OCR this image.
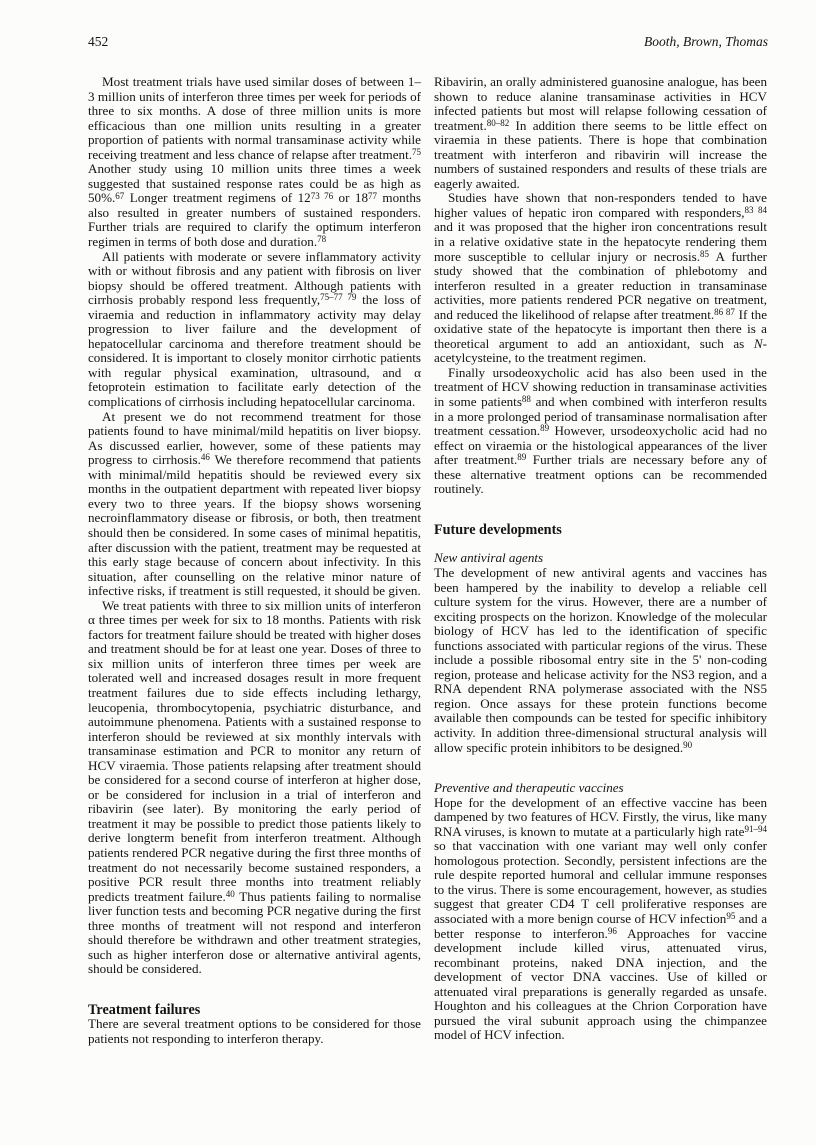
452	Booth, Brown, Thomas

Most treatment trials have used similar doses of between 1–3 million units of interferon three times per week for periods of three to six months. A dose of three million units is more efficacious than one million units resulting in a greater proportion of patients with normal transaminase activity while receiving treatment and less chance of relapse after treatment.$^{75}$ Another study using 10 million units three times a week suggested that sustained response rates could be as high as 50%.$^{67}$ Longer treatment regimens of $12^{73 76}$ or $18^{77}$ months also resulted in greater numbers of sustained responders. Further trials are required to clarify the optimum interferon regimen in terms of both dose and duration.$^{78}$

All patients with moderate or severe inflammatory activity with or without fibrosis and any patient with fibrosis on liver biopsy should be offered treatment. Although patients with cirrhosis probably respond less frequently,$^{75-77 79}$ the loss of viraemia and reduction in inflammatory activity may delay progression to liver failure and the development of hepatocellular carcinoma and therefore treatment should be considered. It is important to closely monitor cirrhotic patients with regular physical examination, ultrasound, and α fetoprotein estimation to facilitate early detection of the complications of cirrhosis including hepatocellular carcinoma.

At present we do not recommend treatment for those patients found to have minimal/mild hepatitis on liver biopsy. As discussed earlier, however, some of these patients may progress to cirrhosis.$^{46}$ We therefore recommend that patients with minimal/mild hepatitis should be reviewed every six months in the outpatient department with repeated liver biopsy every two to three years. If the biopsy shows worsening necroinflammatory disease or fibrosis, or both, then treatment should then be considered. In some cases of minimal hepatitis, after discussion with the patient, treatment may be requested at this early stage because of concern about infectivity. In this situation, after counselling on the relative minor nature of infective risks, if treatment is still requested, it should be given.

We treat patients with three to six million units of interferon α three times per week for six to 18 months. Patients with risk factors for treatment failure should be treated with higher doses and treatment should be for at least one year. Doses of three to six million units of interferon three times per week are tolerated well and increased dosages result in more frequent treatment failures due to side effects including lethargy, leucopenia, thrombocytopenia, psychiatric disturbance, and autoimmune phenomena. Patients with a sustained response to interferon should be reviewed at six monthly intervals with transaminase estimation and PCR to monitor any return of HCV viraemia. Those patients relapsing after treatment should be considered for a second course of interferon at higher dose, or be considered for inclusion in a trial of interferon and ribavirin (see later). By monitoring the early period of treatment it may be possible to predict those patients likely to derive longterm benefit from interferon treatment. Although patients rendered PCR negative during the first three months of treatment do not necessarily become sustained responders, a positive PCR result three months into treatment reliably predicts treatment failure.$^{40}$ Thus patients failing to normalise liver function tests and becoming PCR negative during the first three months of treatment will not respond and interferon should therefore be withdrawn and other treatment strategies, such as higher interferon dose or alternative antiviral agents, should be considered.

Treatment failures

There are several treatment options to be considered for those patients not responding to interferon therapy.

Ribavirin, an orally administered guanosine analogue, has been shown to reduce alanine transaminase activities in HCV infected patients but most will relapse following cessation of treatment.$^{80-82}$ In addition there seems to be little effect on viraemia in these patients. There is hope that combination treatment with interferon and ribavirin will increase the numbers of sustained responders and results of these trials are eagerly awaited.

Studies have shown that non-responders tended to have higher values of hepatic iron compared with responders,$^{83 84}$ and it was proposed that the higher iron concentrations result in a relative oxidative state in the hepatocyte rendering them more susceptible to cellular injury or necrosis.$^{85}$ A further study showed that the combination of phlebotomy and interferon resulted in a greater reduction in transaminase activities, more patients rendered PCR negative on treatment, and reduced the likelihood of relapse after treatment.$^{86 87}$ If the oxidative state of the hepatocyte is important then there is a theoretical argument to add an antioxidant, such as N-acetylcysteine, to the treatment regimen.

Finally ursodeoxycholic acid has also been used in the treatment of HCV showing reduction in transaminase activities in some patients$^{88}$ and when combined with interferon results in a more prolonged period of transaminase normalisation after treatment cessation.$^{89}$ However, ursodeoxycholic acid had no effect on viraemia or the histological appearances of the liver after treatment.$^{89}$ Further trials are necessary before any of these alternative treatment options can be recommended routinely.

Future developments
New antiviral agents

The development of new antiviral agents and vaccines has been hampered by the inability to develop a reliable cell culture system for the virus. However, there are a number of exciting prospects on the horizon. Knowledge of the molecular biology of HCV has led to the identification of specific functions associated with particular regions of the virus. These include a possible ribosomal entry site in the 5' non-coding region, protease and helicase activity for the NS3 region, and a RNA dependent RNA polymerase associated with the NS5 region. Once assays for these protein functions become available then compounds can be tested for specific inhibitory activity. In addition three-dimensional structural analysis will allow specific protein inhibitors to be designed.$^{90}$

Preventive and therapeutic vaccines

Hope for the development of an effective vaccine has been dampened by two features of HCV. Firstly, the virus, like many RNA viruses, is known to mutate at a particularly high rate$^{91-94}$ so that vaccination with one variant may well only confer homologous protection. Secondly, persistent infections are the rule despite reported humoral and cellular immune responses to the virus. There is some encouragement, however, as studies suggest that greater CD4 T cell proliferative responses are associated with a more benign course of HCV infection$^{95}$ and a better response to interferon.$^{96}$ Approaches for vaccine development include killed virus, attenuated virus, recombinant proteins, naked DNA injection, and the development of vector DNA vaccines. Use of killed or attenuated viral preparations is generally regarded as unsafe. Houghton and his colleagues at the Chrion Corporation have pursued the viral subunit approach using the chimpanzee model of HCV infection.
